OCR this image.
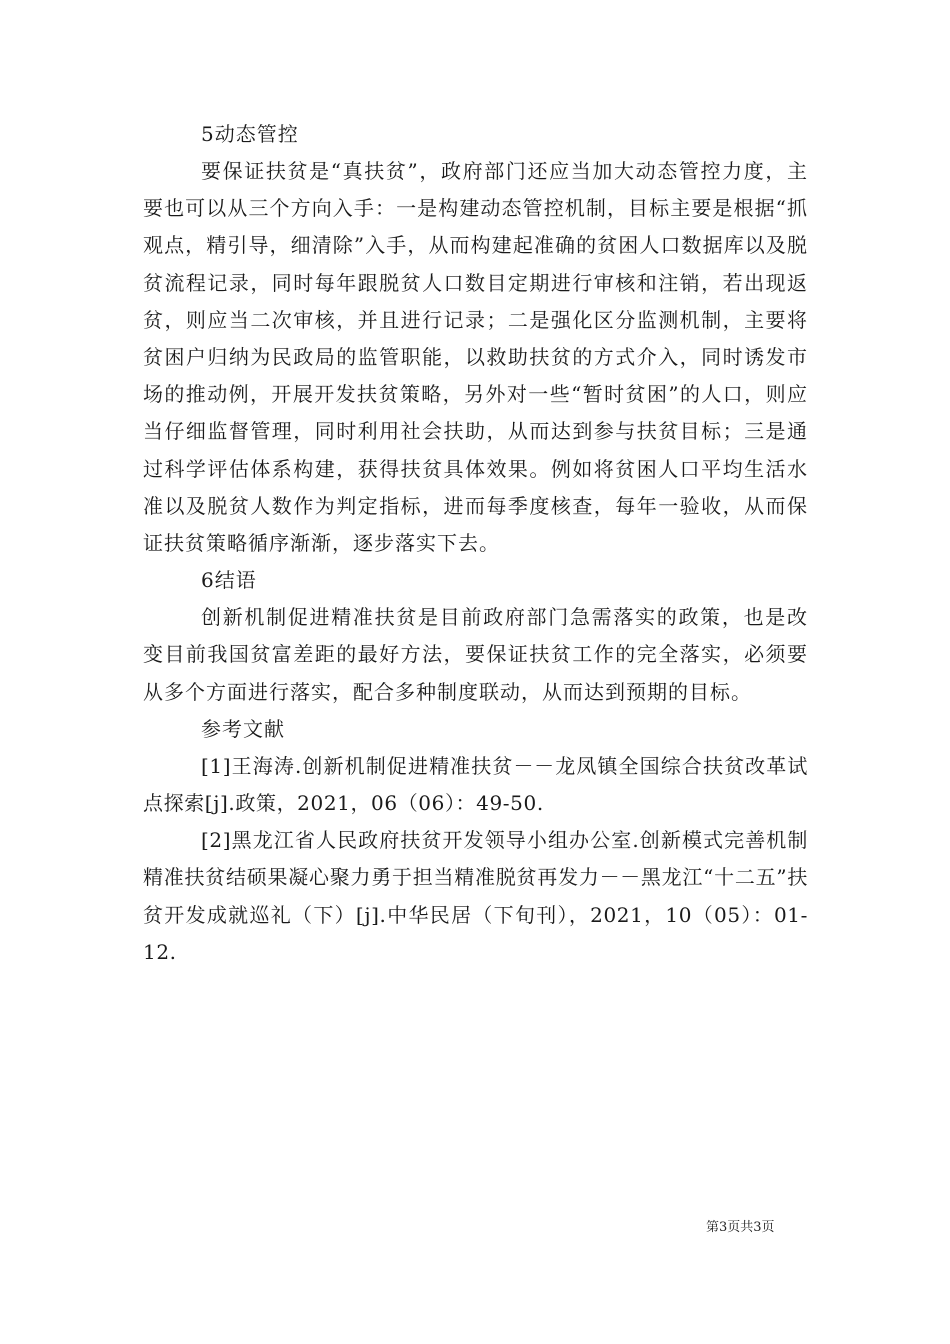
5动态管控

要保证扶贫是“真扶贫”，政府部门还应当加大动态管控力度，主要也可以从三个方向入手：一是构建动态管控机制，目标主要是根据“抓观点，精引导，细清除”入手，从而构建起准确的贫困人口数据库以及脱贫流程记录，同时每年跟脱贫人口数目定期进行审核和注销，若出现返贫，则应当二次审核，并且进行记录；二是强化区分监测机制，主要将贫困户归纳为民政局的监管职能，以救助扶贫的方式介入，同时诱发市场的推动例，开展开发扶贫策略，另外对一些“暂时贫困”的人口，则应当仔细监督管理，同时利用社会扶助，从而达到参与扶贫目标；三是通过科学评估体系构建，获得扶贫具体效果。例如将贫困人口平均生活水准以及脱贫人数作为判定指标，进而每季度核查，每年一验收，从而保证扶贫策略循序渐渐，逐步落实下去。

6结语

创新机制促进精准扶贫是目前政府部门急需落实的政策，也是改变目前我国贫富差距的最好方法，要保证扶贫工作的完全落实，必须要从多个方面进行落实，配合多种制度联动，从而达到预期的目标。

参考文献

[1]王海涛.创新机制促进精准扶贫－－龙凤镇全国综合扶贫改革试点探索[j].政策，2021，06（06）：49-50.

[2]黑龙江省人民政府扶贫开发领导小组办公室.创新模式完善机制精准扶贫结硕果凝心聚力勇于担当精准脱贫再发力－－黑龙江“十二五”扶贫开发成就巡礼（下）[j].中华民居（下旬刊），2021，10（05）：01-12.

第3页共3页
